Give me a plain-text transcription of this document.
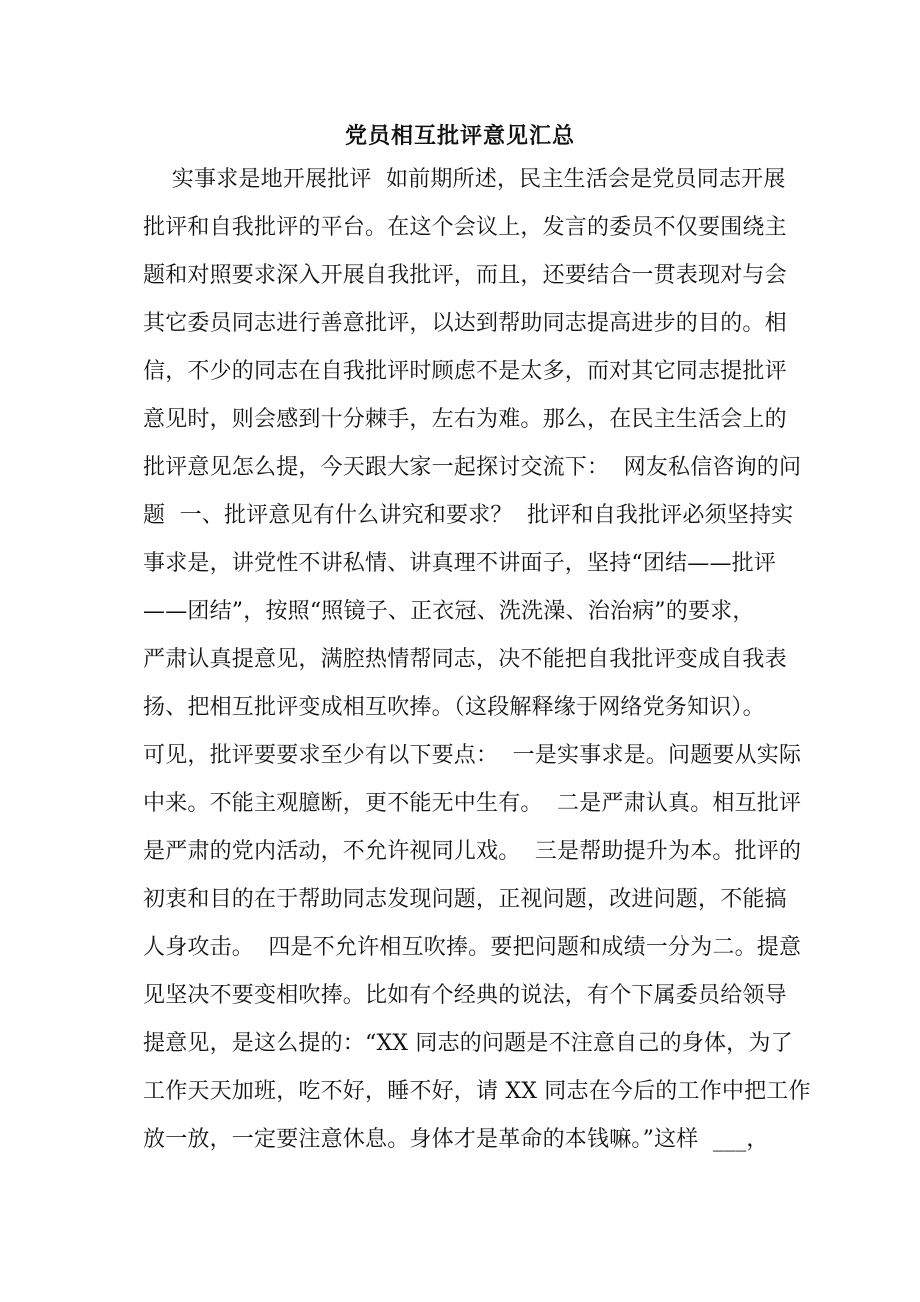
党员相互批评意见汇总
实事求是地开展批评  如前期所述，民主生活会是党员同志开展
批评和自我批评的平台。在这个会议上，发言的委员不仅要围绕主
题和对照要求深入开展自我批评，而且，还要结合一贯表现对与会
其它委员同志进行善意批评，以达到帮助同志提高进步的目的。相
信，不少的同志在自我批评时顾虑不是太多，而对其它同志提批评
意见时，则会感到十分棘手，左右为难。那么，在民主生活会上的
批评意见怎么提，今天跟大家一起探讨交流下：  网友私信咨询的问
题  一、批评意见有什么讲究和要求？  批评和自我批评必须坚持实
事求是，讲党性不讲私情、讲真理不讲面子，坚持“团结——批评
——团结”，按照“照镜子、正衣冠、洗洗澡、治治病”的要求，
严肃认真提意见，满腔热情帮同志，决不能把自我批评变成自我表
扬、把相互批评变成相互吹捧。（这段解释缘于网络党务知识）。
可见，批评要要求至少有以下要点：  一是实事求是。问题要从实际
中来。不能主观臆断，更不能无中生有。  二是严肃认真。相互批评
是严肃的党内活动，不允许视同儿戏。  三是帮助提升为本。批评的
初衷和目的在于帮助同志发现问题，正视问题，改进问题，不能搞
人身攻击。  四是不允许相互吹捧。要把问题和成绩一分为二。提意
见坚决不要变相吹捧。比如有个经典的说法，有个下属委员给领导
提意见，是这么提的：“XX 同志的问题是不注意自己的身体，为了
工作天天加班，吃不好，睡不好，请 XX 同志在今后的工作中把工作
放一放，一定要注意休息。身体才是革命的本钱嘛。”这样  ___，
